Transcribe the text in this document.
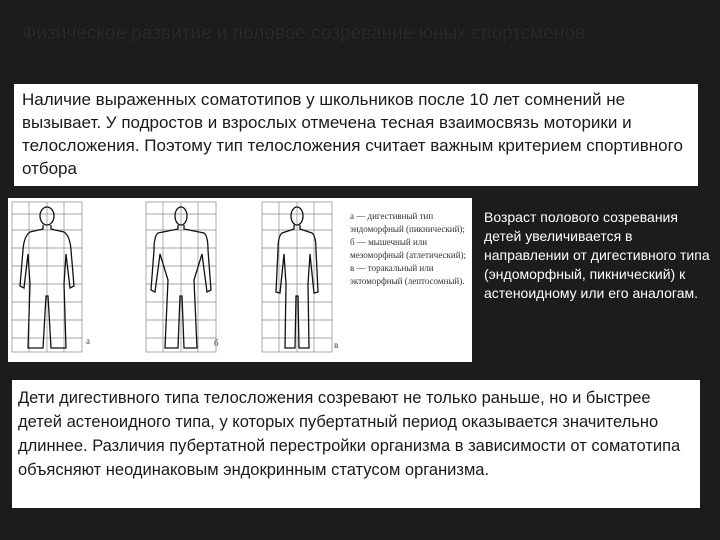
Физическое развитие и половое созревание юных спортсменов

Наличие выраженных соматотипов у школьников после 10 лет сомнений не вызывает. У подростов и взрослых отмечена тесная взаимосвязь моторики и телосложения. Поэтому тип телосложения считает важным критерием спортивного отбора

а	б	в
а — дигестивный тип эндоморфный (пикнический);
б — мышечный или мезоморфный (атлетический);
в — торакальный или эктоморфный (лептосомный).
Возраст полового созревания детей увеличивается в направлении от дигестивного типа (эндоморфный, пикнический) к астеноидному или его аналогам.

Дети дигестивного типа телосложения созревают не только раньше, но и быстрее детей астеноидного типа, у которых пубертатный период оказывается значительно длиннее. Различия пубертатной перестройки организма в зависимости от соматотипа объясняют неодинаковым эндокринным статусом организма.
